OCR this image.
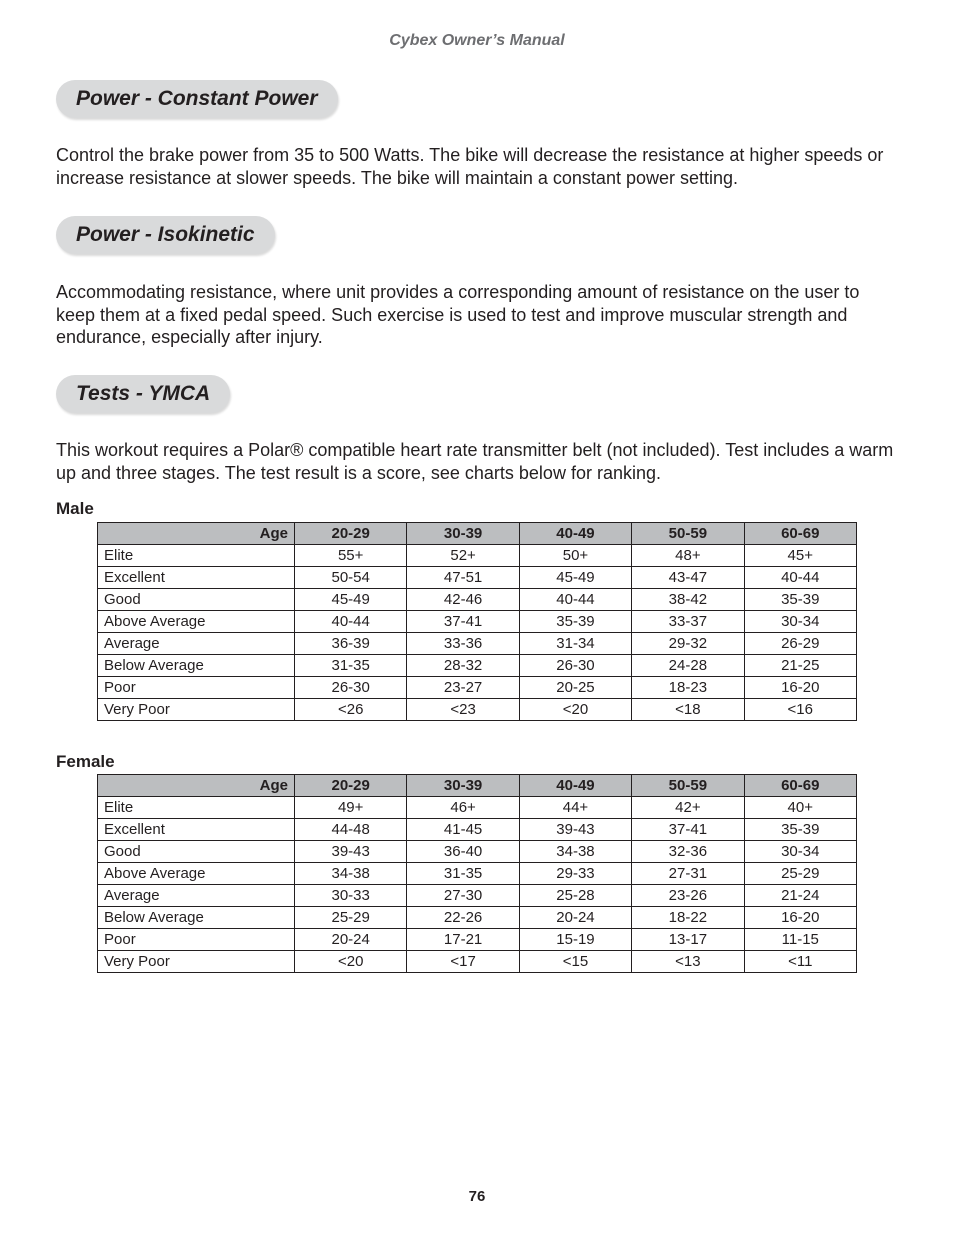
Cybex Owner’s Manual
Power - Constant Power
Control the brake power from 35 to 500 Watts. The bike will decrease the resistance at higher speeds or increase resistance at slower speeds. The bike will maintain a constant power setting.
Power - Isokinetic
Accommodating resistance, where unit provides a corresponding amount of resistance on the user to keep them at a fixed pedal speed. Such exercise is used to test and improve muscular strength and endurance, especially after injury.
Tests - YMCA
This workout requires a Polar® compatible heart rate transmitter belt (not included). Test includes a warm up and three stages. The test result is a score, see charts below for ranking.
Male
Age	20-29	30-39	40-49	50-59	60-69
Elite	55+	52+	50+	48+	45+
Excellent	50-54	47-51	45-49	43-47	40-44
Good	45-49	42-46	40-44	38-42	35-39
Above Average	40-44	37-41	35-39	33-37	30-34
Average	36-39	33-36	31-34	29-32	26-29
Below Average	31-35	28-32	26-30	24-28	21-25
Poor	26-30	23-27	20-25	18-23	16-20
Very Poor	<26	<23	<20	<18	<16
Female
Age	20-29	30-39	40-49	50-59	60-69
Elite	49+	46+	44+	42+	40+
Excellent	44-48	41-45	39-43	37-41	35-39
Good	39-43	36-40	34-38	32-36	30-34
Above Average	34-38	31-35	29-33	27-31	25-29
Average	30-33	27-30	25-28	23-26	21-24
Below Average	25-29	22-26	20-24	18-22	16-20
Poor	20-24	17-21	15-19	13-17	11-15
Very Poor	<20	<17	<15	<13	<11
76
